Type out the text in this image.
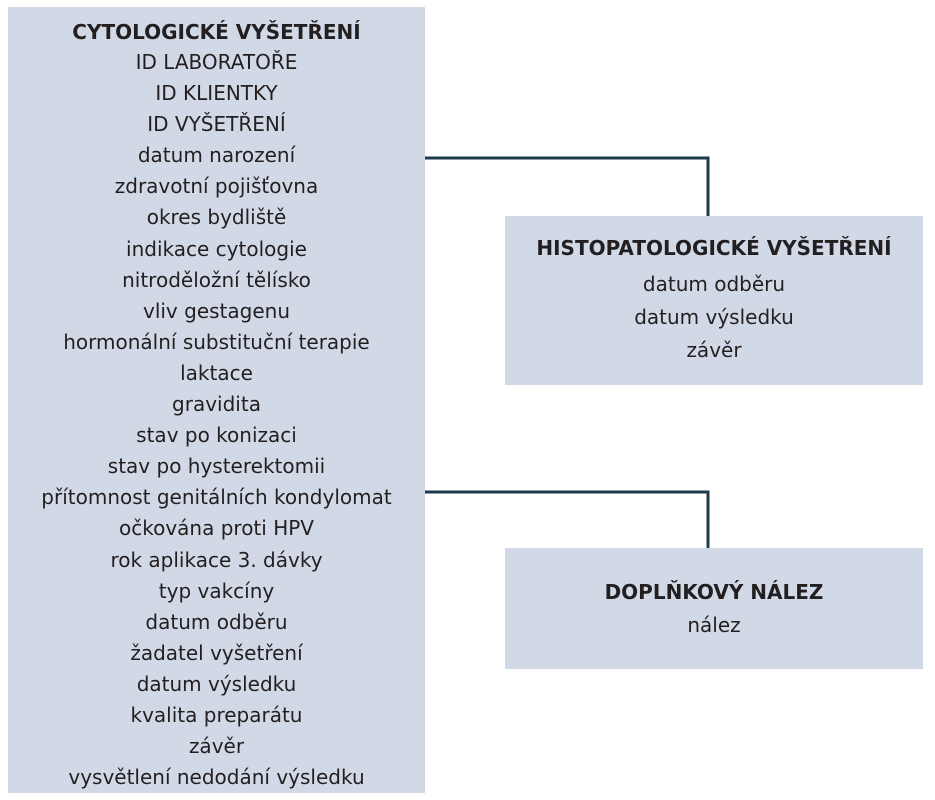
CYTOLOGICKÉ VYŠETŘENÍ
ID LABORATOŘE
ID KLIENTKY
ID VYŠETŘENÍ
datum narození
zdravotní pojišťovna
okres bydliště
indikace cytologie
nitroděložní tělísko
vliv gestagenu
hormonální substituční terapie
laktace
gravidita
stav po konizaci
stav po hysterektomii
přítomnost genitálních kondylomat
očkována proti HPV
rok aplikace 3. dávky
typ vakcíny
datum odběru
žadatel vyšetření
datum výsledku
kvalita preparátu
závěr
vysvětlení nedodání výsledku
HISTOPATOLOGICKÉ VYŠETŘENÍ
datum odběru
datum výsledku
závěr
DOPLŇKOVÝ NÁLEZ
nález
